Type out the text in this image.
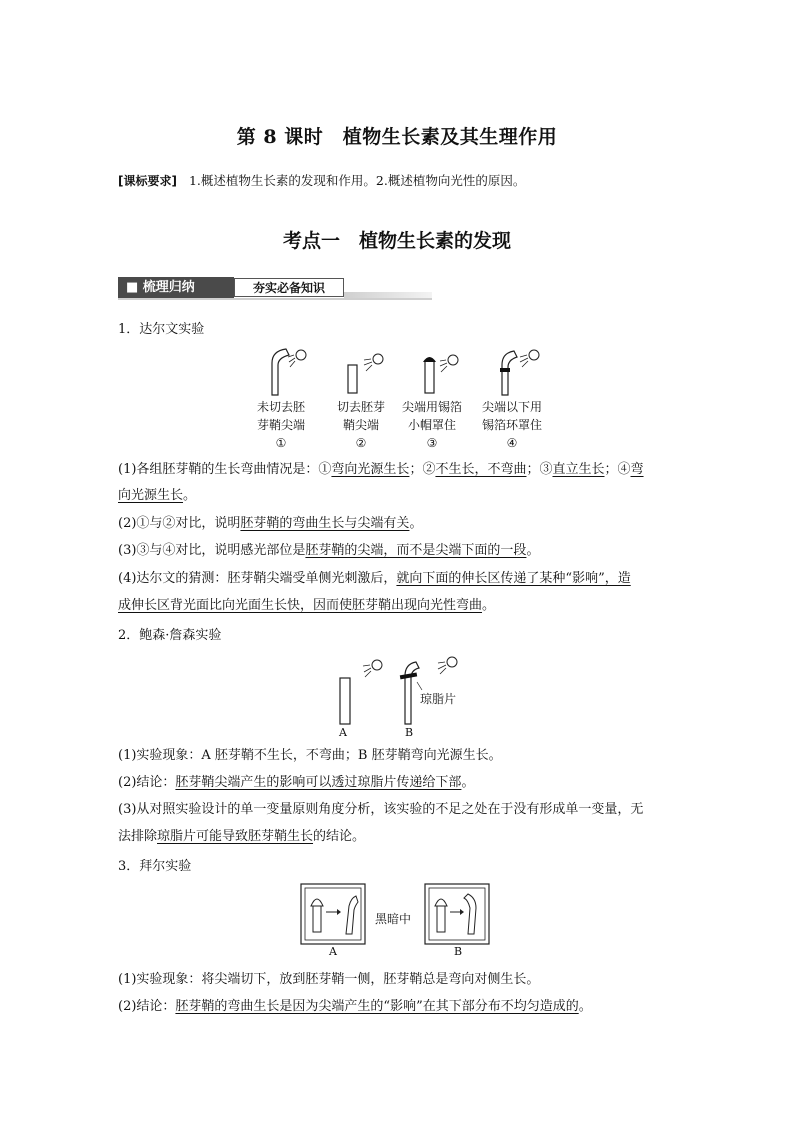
第 8 课时　植物生长素及其生理作用
[课标要求] 1.概述植物生长素的发现和作用。2.概述植物向光性的原因。
考点一　植物生长素的发现
■ 梳理归纳	夯实必备知识
1．达尔文实验
未切去胚
芽鞘尖端
①
切去胚芽
鞘尖端
②
尖端用锡箔
小帽罩住
③
尖端以下用
锡箔环罩住
④
(1)各组胚芽鞘的生长弯曲情况是：①弯向光源生长；②不生长，不弯曲；③直立生长；④弯
向光源生长。
(2)①与②对比，说明胚芽鞘的弯曲生长与尖端有关。
(3)③与④对比，说明感光部位是胚芽鞘的尖端，而不是尖端下面的一段。
(4)达尔文的猜测：胚芽鞘尖端受单侧光刺激后，就向下面的伸长区传递了某种“影响”，造
成伸长区背光面比向光面生长快，因而使胚芽鞘出现向光性弯曲。
2．鲍森·詹森实验
琼脂片
A	B
(1)实验现象：A 胚芽鞘不生长，不弯曲；B 胚芽鞘弯向光源生长。
(2)结论：胚芽鞘尖端产生的影响可以透过琼脂片传递给下部。
(3)从对照实验设计的单一变量原则角度分析，该实验的不足之处在于没有形成单一变量，无
法排除琼脂片可能导致胚芽鞘生长的结论。
3．拜尔实验
黑暗中
A	B
(1)实验现象：将尖端切下，放到胚芽鞘一侧，胚芽鞘总是弯向对侧生长。
(2)结论：胚芽鞘的弯曲生长是因为尖端产生的“影响”在其下部分布不均匀造成的。
